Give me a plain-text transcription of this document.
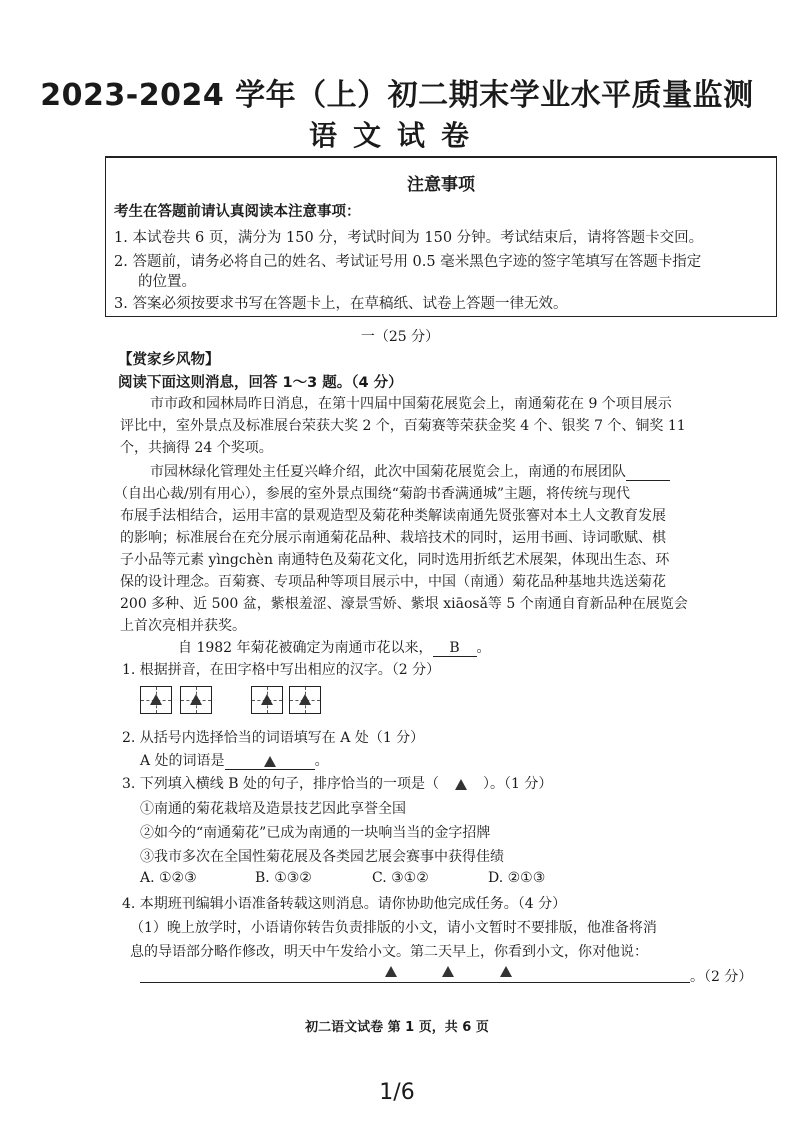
2023-2024 学年（上）初二期末学业水平质量监测
语文试卷
注意事项
考生在答题前请认真阅读本注意事项：
1. 本试卷共 6 页，满分为 150 分，考试时间为 150 分钟。考试结束后，请将答题卡交回。
2. 答题前，请务必将自己的姓名、考试证号用 0.5 毫米黑色字迹的签字笔填写在答题卡指定
的位置。
3. 答案必须按要求书写在答题卡上，在草稿纸、试卷上答题一律无效。
一（25 分）
【赏家乡风物】
阅读下面这则消息，回答 1～3 题。（4 分）
市市政和园林局昨日消息，在第十四届中国菊花展览会上，南通菊花在 9 个项目展示
评比中，室外景点及标准展台荣获大奖 2 个，百菊赛等荣获金奖 4 个、银奖 7 个、铜奖 11
个，共摘得 24 个奖项。
市园林绿化管理处主任夏兴峰介绍，此次中国菊花展览会上，南通的布展团队
（自出心裁/别有用心），参展的室外景点围绕“菊韵书香满通城”主题，将传统与现代
布展手法相结合，运用丰富的景观造型及菊花种类解读南通先贤张謇对本土人文教育发展
的影响；标准展台在充分展示南通菊花品种、栽培技术的同时，运用书画、诗词歌赋、棋
子小品等元素 yìngchèn 南通特色及菊花文化，同时选用折纸艺术展架，体现出生态、环
保的设计理念。百菊赛、专项品种等项目展示中，中国（南通）菊花品种基地共选送菊花
200 多种、近 500 盆，紫根羞涩、濠景雪娇、紫垠 xiāosǎ等 5 个南通自育新品种在展览会
上首次亮相并获奖。
自 1982 年菊花被确定为南通市花以来， B 。
1. 根据拼音，在田字格中写出相应的汉字。（2 分）
2. 从括号内选择恰当的词语填写在 A 处（1 分）
A 处的词语是	。
3. 下列填入横线 B 处的句子，排序恰当的一项是（	）。（1 分）
①南通的菊花栽培及造景技艺因此享誉全国
②如今的“南通菊花”已成为南通的一块响当当的金字招牌
③我市多次在全国性菊花展及各类园艺展会赛事中获得佳绩
A. ①②③	B. ①③②	C. ③①②	D. ②①③
4. 本期班刊编辑小语准备转载这则消息。请你协助他完成任务。（4 分）
（1）晚上放学时，小语请你转告负责排版的小文，请小文暂时不要排版，他准备将消
息的导语部分略作修改，明天中午发给小文。第二天早上，你看到小文，你对他说：
。（2 分）
初二语文试卷 第 1 页，共 6 页
1/6
